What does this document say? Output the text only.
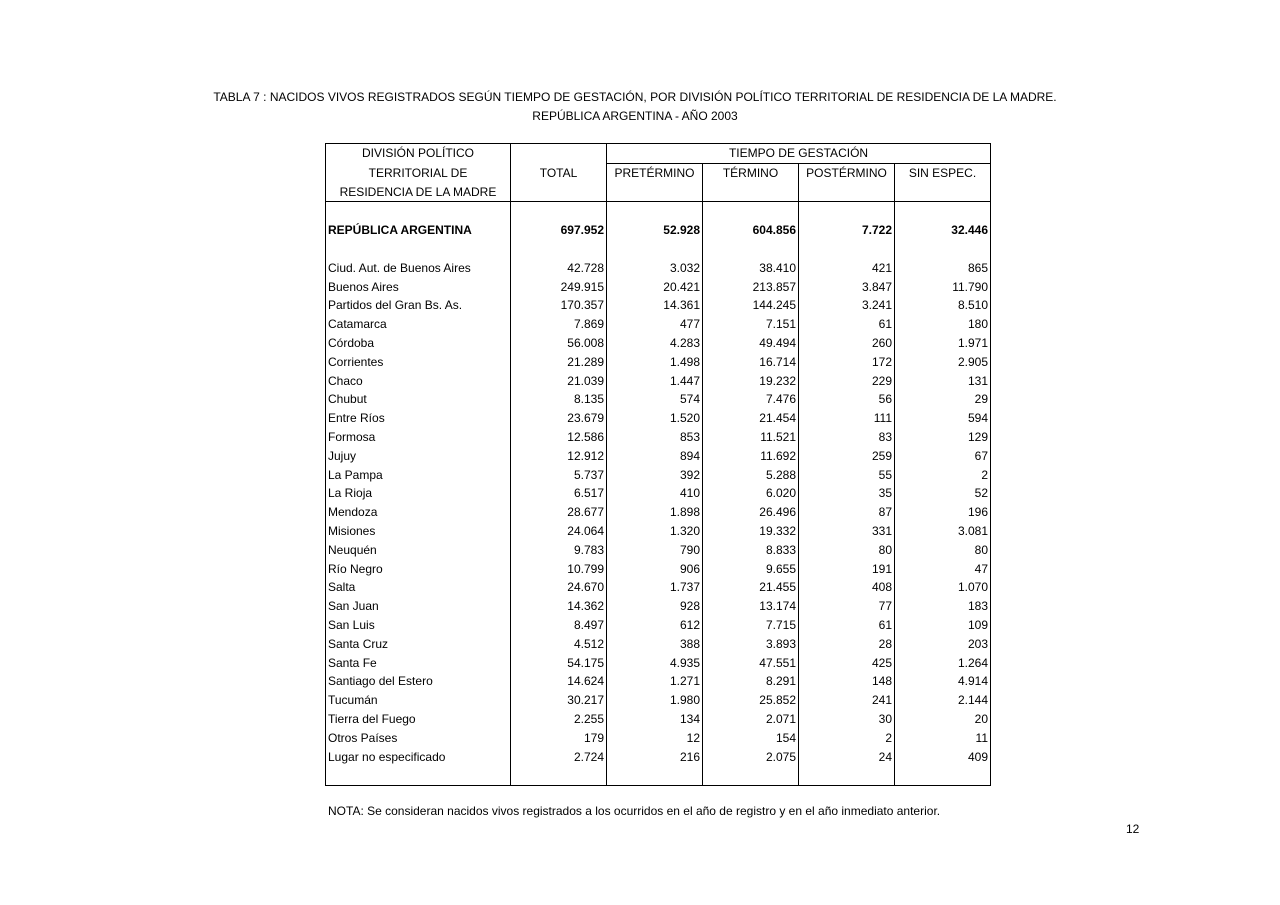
TABLA 7 : NACIDOS VIVOS REGISTRADOS SEGÚN TIEMPO DE GESTACIÓN, POR DIVISIÓN POLÍTICO TERRITORIAL DE RESIDENCIA DE LA MADRE.
REPÚBLICA ARGENTINA - AÑO 2003
DIVISIÓN POLÍTICO		TIEMPO DE GESTACIÓN			
TERRITORIAL DE	TOTAL	PRETÉRMINO	TÉRMINO	POSTÉRMINO	SIN ESPEC.
RESIDENCIA DE LA MADRE					

REPÚBLICA ARGENTINA	697.952	52.928	604.856	7.722	32.446

Ciud. Aut. de Buenos Aires	42.728	3.032	38.410	421	865
Buenos Aires	249.915	20.421	213.857	3.847	11.790
Partidos del Gran Bs. As.	170.357	14.361	144.245	3.241	8.510
Catamarca	7.869	477	7.151	61	180
Córdoba	56.008	4.283	49.494	260	1.971
Corrientes	21.289	1.498	16.714	172	2.905
Chaco	21.039	1.447	19.232	229	131
Chubut	8.135	574	7.476	56	29
Entre Ríos	23.679	1.520	21.454	111	594
Formosa	12.586	853	11.521	83	129
Jujuy	12.912	894	11.692	259	67
La Pampa	5.737	392	5.288	55	2
La Rioja	6.517	410	6.020	35	52
Mendoza	28.677	1.898	26.496	87	196
Misiones	24.064	1.320	19.332	331	3.081
Neuquén	9.783	790	8.833	80	80
Río Negro	10.799	906	9.655	191	47
Salta	24.670	1.737	21.455	408	1.070
San Juan	14.362	928	13.174	77	183
San Luis	8.497	612	7.715	61	109
Santa Cruz	4.512	388	3.893	28	203
Santa Fe	54.175	4.935	47.551	425	1.264
Santiago del Estero	14.624	1.271	8.291	148	4.914
Tucumán	30.217	1.980	25.852	241	2.144
Tierra del Fuego	2.255	134	2.071	30	20
Otros Países	179	12	154	2	11
Lugar no especificado	2.724	216	2.075	24	409

NOTA: Se consideran nacidos vivos registrados a los ocurridos en el año de registro y en el año inmediato anterior.
12
